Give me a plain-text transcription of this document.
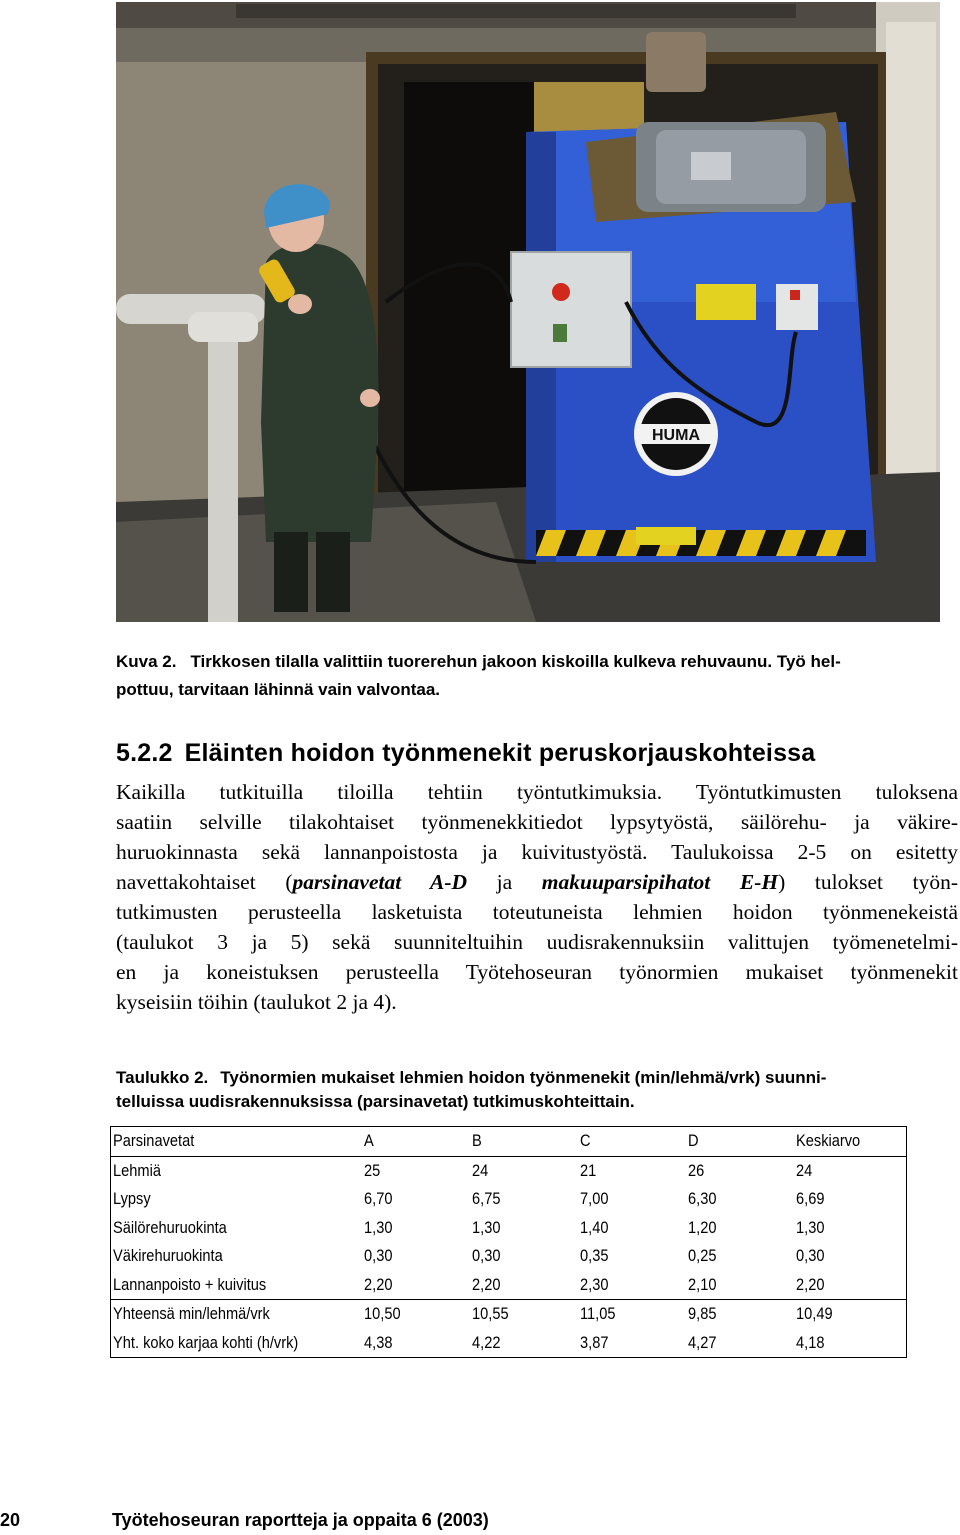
HUMA
Kuva 2. Tirkkosen tilalla valittiin tuorerehun jakoon kiskoilla kulkeva rehuvaunu. Työ hel-
pottuu, tarvitaan lähinnä vain valvontaa.
5.2.2 Eläinten hoidon työnmenekit peruskorjauskohteissa
Kaikilla tutkituilla tiloilla tehtiin työntutkimuksia. Työntutkimusten tuloksena
saatiin selville tilakohtaiset työnmenekkitiedot lypsytyöstä, säilörehu- ja väkire-
huruokinnasta sekä lannanpoistosta ja kuivitustyöstä. Taulukoissa 2-5 on esitetty
navettakohtaiset (parsinavetat A-D ja makuuparsipihatot E-H) tulokset työn-
tutkimusten perusteella lasketuista toteutuneista lehmien hoidon työnmenekeistä
(taulukot 3 ja 5) sekä suunniteltuihin uudisrakennuksiin valittujen työmenetelmi-
en ja koneistuksen perusteella Työtehoseuran työnormien mukaiset työnmenekit
kyseisiin töihin (taulukot 2 ja 4).
Taulukko 2. Työnormien mukaiset lehmien hoidon työnmenekit (min/lehmä/vrk) suunni-
telluissa uudisrakennuksissa (parsinavetat) tutkimuskohteittain.
Parsinavetat	A	B	C	D	Keskiarvo
Lehmiä	25	24	21	26	24
Lypsy	6,70	6,75	7,00	6,30	6,69
Säilörehuruokinta	1,30	1,30	1,40	1,20	1,30
Väkirehuruokinta	0,30	0,30	0,35	0,25	0,30
Lannanpoisto + kuivitus	2,20	2,20	2,30	2,10	2,20
Yhteensä min/lehmä/vrk	10,50	10,55	11,05	9,85	10,49
Yht. koko karjaa kohti (h/vrk)	4,38	4,22	3,87	4,27	4,18
20	Työtehoseuran raportteja ja oppaita 6 (2003)
